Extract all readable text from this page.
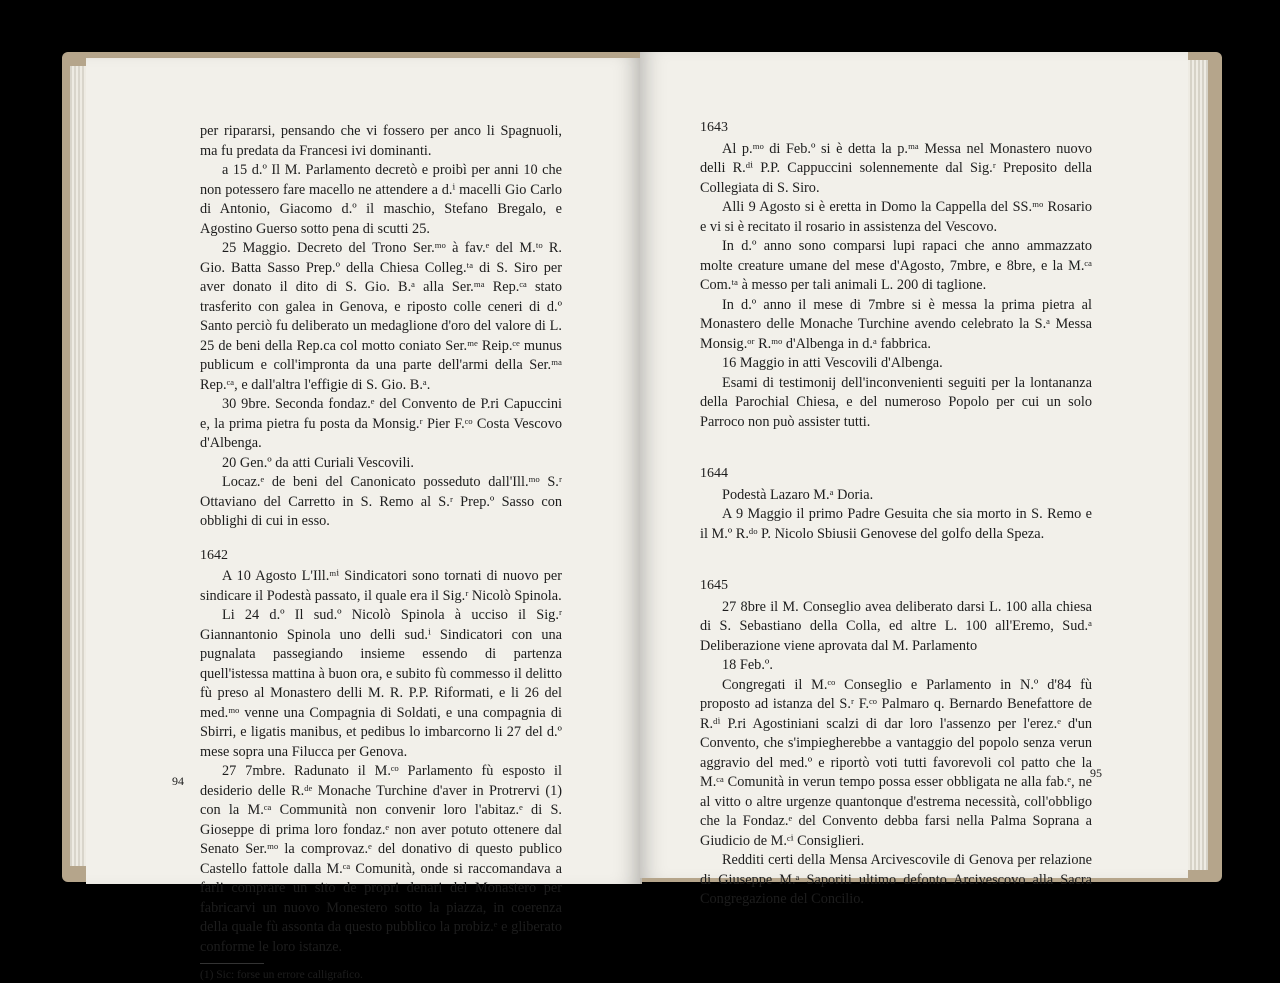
per ripararsi, pensando che vi fossero per anco li Spagnuoli, ma fu predata da Francesi ivi dominanti.

a 15 d.º Il M. Parlamento decretò e proibì per anni 10 che non potessero fare macello ne attendere a d.ⁱ macelli Gio Carlo di Antonio, Giacomo d.º il maschio, Stefano Bregalo, e Agostino Guerso sotto pena di scutti 25.

25 Maggio. Decreto del Trono Ser.ᵐᵒ à fav.ᵉ del M.ᵗᵒ R. Gio. Batta Sasso Prep.º della Chiesa Colleg.ᵗᵃ di S. Siro per aver donato il dito di S. Gio. B.ᵃ alla Ser.ᵐᵃ Rep.ᶜᵃ stato trasferito con galea in Genova, e riposto colle ceneri di d.º Santo perciò fu deliberato un medaglione d'oro del valore di L. 25 de beni della Rep.ca col motto coniato Ser.ᵐᵉ Reip.ᶜᵉ munus publicum e coll'impronta da una parte dell'armi della Ser.ᵐᵃ Rep.ᶜᵃ, e dall'altra l'effigie di S. Gio. B.ᵃ.

30 9bre. Seconda fondaz.ᵉ del Convento de P.ri Capuccini e, la prima pietra fu posta da Monsig.ʳ Pier F.ᶜᵒ Costa Vescovo d'Albenga.

20 Gen.º da atti Curiali Vescovili.

Locaz.ᵉ de beni del Canonicato posseduto dall'Ill.ᵐᵒ S.ʳ Ottaviano del Carretto in S. Remo al S.ʳ Prep.º Sasso con obblighi di cui in esso.

1642

A 10 Agosto L'Ill.ᵐⁱ Sindicatori sono tornati di nuovo per sindicare il Podestà passato, il quale era il Sig.ʳ Nicolò Spinola.

Li 24 d.º Il sud.º Nicolò Spinola à ucciso il Sig.ʳ Giannantonio Spinola uno delli sud.ⁱ Sindicatori con una pugnalata passegiando insieme essendo di partenza quell'istessa mattina à buon ora, e subito fù commesso il delitto fù preso al Monastero delli M. R. P.P. Riformati, e li 26 del med.ᵐᵒ venne una Compagnia di Soldati, e una compagnia di Sbirri, e ligatis manibus, et pedibus lo imbarcorno li 27 del d.º mese sopra una Filucca per Genova.

27 7mbre. Radunato il M.ᶜᵒ Parlamento fù esposto il desiderio delle R.ᵈᵉ Monache Turchine d'aver in Protrervi (1) con la M.ᶜᵃ Communità non convenir loro l'abitaz.ᵉ di S. Gioseppe di prima loro fondaz.ᵉ non aver potuto ottenere dal Senato Ser.ᵐᵒ la comprovaz.ᵉ del donativo di questo publico Castello fattole dalla M.ᶜᵃ Comunità, onde si raccomandava a farli comprare un sito de propri denari del Monastero per fabricarvi un nuovo Monestero sotto la piazza, in coerenza della quale fù assonta da questo pubblico la probiz.ᵉ e gliberato conforme le loro istanze.

(1) Sic: forse un errore calligrafico.

94

1643

Al p.ᵐᵒ di Feb.º si è detta la p.ᵐᵃ Messa nel Monastero nuovo delli R.ᵈⁱ P.P. Cappuccini solennemente dal Sig.ʳ Preposito della Collegiata di S. Siro.

Alli 9 Agosto si è eretta in Domo la Cappella del SS.ᵐᵒ Rosario e vi si è recitato il rosario in assistenza del Vescovo.

In d.º anno sono comparsi lupi rapaci che anno ammazzato molte creature umane del mese d'Agosto, 7mbre, e 8bre, e la M.ᶜᵃ Com.ᵗᵃ à messo per tali animali L. 200 di taglione.

In d.º anno il mese di 7mbre si è messa la prima pietra al Monastero delle Monache Turchine avendo celebrato la S.ᵃ Messa Monsig.ᵒʳ R.ᵐᵒ d'Albenga in d.ᵃ fabbrica.

16 Maggio in atti Vescovili d'Albenga.

Esami di testimonij dell'inconvenienti seguiti per la lontananza della Parochial Chiesa, e del numeroso Popolo per cui un solo Parroco non può assister tutti.

1644

Podestà Lazaro M.ᵃ Doria.

A 9 Maggio il primo Padre Gesuita che sia morto in S. Remo e il M.º R.ᵈᵒ P. Nicolo Sbiusii Genovese del golfo della Speza.

1645

27 8bre il M. Conseglio avea deliberato darsi L. 100 alla chiesa di S. Sebastiano della Colla, ed altre L. 100 all'Eremo, Sud.ᵃ Deliberazione viene aprovata dal M. Parlamento

18 Feb.º.

Congregati il M.ᶜᵒ Conseglio e Parlamento in N.º d'84 fù proposto ad istanza del S.ʳ F.ᶜᵒ Palmaro q. Bernardo Benefattore de R.ᵈⁱ P.ri Agostiniani scalzi di dar loro l'assenzo per l'erez.ᵉ d'un Convento, che s'impiegherebbe a vantaggio del popolo senza verun aggravio del med.º e riportò voti tutti favorevoli col patto che la M.ᶜᵃ Comunità in verun tempo possa esser obbligata ne alla fab.ᵉ, ne al vitto o altre urgenze quantonque d'estrema necessità, coll'obbligo che la Fondaz.ᵉ del Convento debba farsi nella Palma Soprana a Giudicio de M.ᶜⁱ Consiglieri.

Redditi certi della Mensa Arcivescovile di Genova per relazione di Giuseppe M.ᵃ Saporiti ultimo defonto Arcivescovo alla Sacra Congregazione del Concilio.

95
